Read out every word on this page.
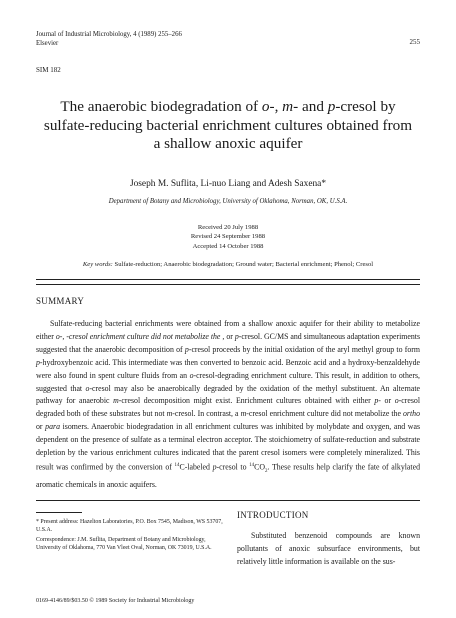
Journal of Industrial Microbiology, 4 (1989) 255–266
Elsevier	255
SIM 182
The anaerobic biodegradation of o-, m- and p-cresol by sulfate-reducing bacterial enrichment cultures obtained from a shallow anoxic aquifer
Joseph M. Suflita, Li-nuo Liang and Adesh Saxena*
Department of Botany and Microbiology, University of Oklahoma, Norman, OK, U.S.A.
Received 20 July 1988
Revised 24 September 1988
Accepted 14 October 1988
Key words: Sulfate-reduction; Anaerobic biodegradation; Ground water; Bacterial enrichment; Phenol; Cresol
SUMMARY
Sulfate-reducing bacterial enrichments were obtained from a shallow anoxic aquifer for their ability to metabolize either o-, -cresol enrichment culture did not metabolize the , or p-cresol. GC/MS and simultaneous adaptation experiments suggested that the anaerobic decomposition of p-cresol proceeds by the initial oxidation of the aryl methyl group to form p-hydroxybenzoic acid. This intermediate was then converted to benzoic acid. Benzoic acid and a hydroxy-benzaldehyde were also found in spent culture fluids from an o-cresol-degrading enrichment culture. This result, in addition to others, suggested that o-cresol may also be anaerobically degraded by the oxidation of the methyl substituent. An alternate pathway for anaerobic m-cresol decomposition might exist. Enrichment cultures obtained with either p- or o-cresol degraded both of these substrates but not m-cresol. In contrast, a m-cresol enrichment culture did not metabolize the ortho or para isomers. Anaerobic biodegradation in all enrichment cultures was inhibited by molybdate and oxygen, and was dependent on the presence of sulfate as a terminal electron acceptor. The stoichiometry of sulfate-reduction and substrate depletion by the various enrichment cultures indicated that the parent cresol isomers were completely mineralized. This result was confirmed by the conversion of $^{14}$C-labeled p-cresol to $^{14}CO_2$. These results help clarify the fate of alkylated aromatic chemicals in anoxic aquifers.

* Present address: Hazelton Laboratories, P.O. Box 7545, Madison, WS 53707, U.S.A.

Correspondence: J.M. Suflita, Department of Botany and Microbiology, University of Oklahoma, 770 Van Vleet Oval, Norman, OK 73019, U.S.A.

INTRODUCTION
Substituted benzenoid compounds are known pollutants of anoxic subsurface environments, but relatively little information is available on the sus-
0169-4146/89/$03.50 © 1989 Society for Industrial Microbiology
